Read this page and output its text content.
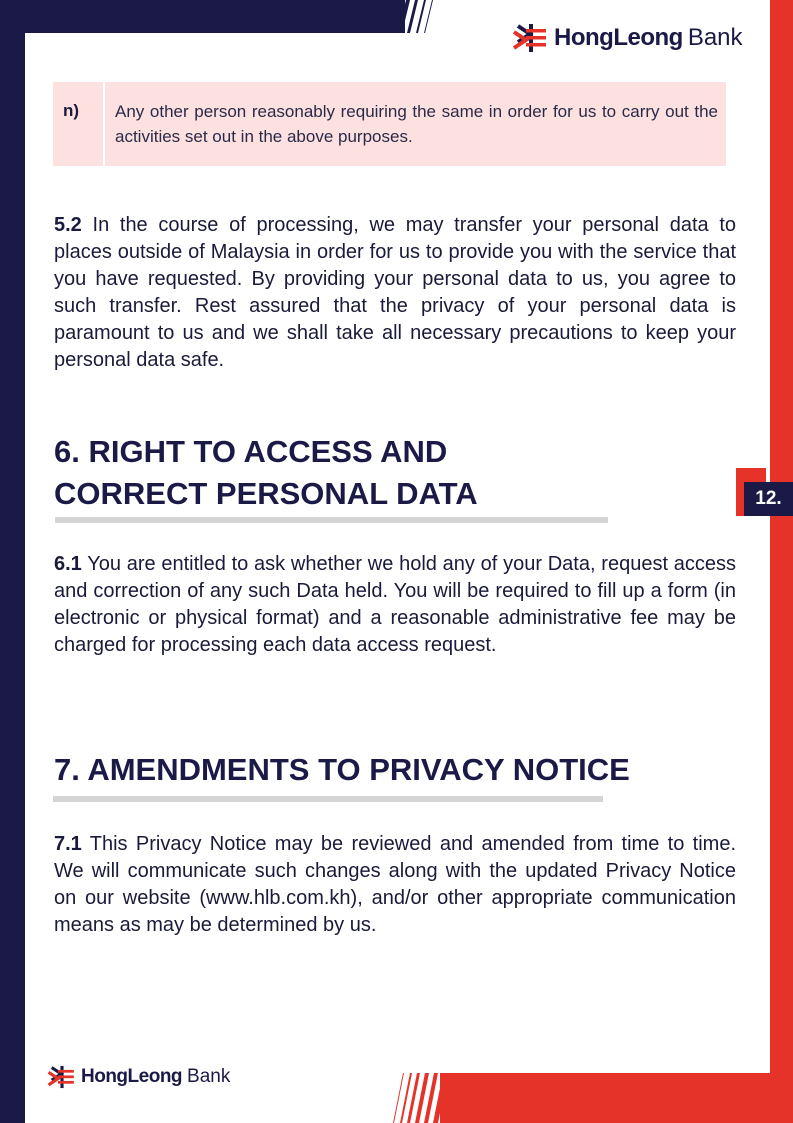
12.
HongLeong Bank
n)	Any other person reasonably requiring the same in order for us to carry out the activities set out in the above purposes.

5.2 In the course of processing, we may transfer your personal data to places outside of Malaysia in order for us to provide you with the service that you have requested. By providing your personal data to us, you agree to such transfer. Rest assured that the privacy of your personal data is paramount to us and we shall take all necessary precautions to keep your personal data safe.

6. RIGHT TO ACCESS AND
CORRECT PERSONAL DATA

6.1 You are entitled to ask whether we hold any of your Data, request access and correction of any such Data held. You will be required to fill up a form (in electronic or physical format) and a reasonable administrative fee may be charged for processing each data access request.

7. AMENDMENTS TO PRIVACY NOTICE

7.1 This Privacy Notice may be reviewed and amended from time to time. We will communicate such changes along with the updated Privacy Notice on our website (www.hlb.com.kh), and/or other appropriate communication means as may be determined by us.

HongLeong Bank
